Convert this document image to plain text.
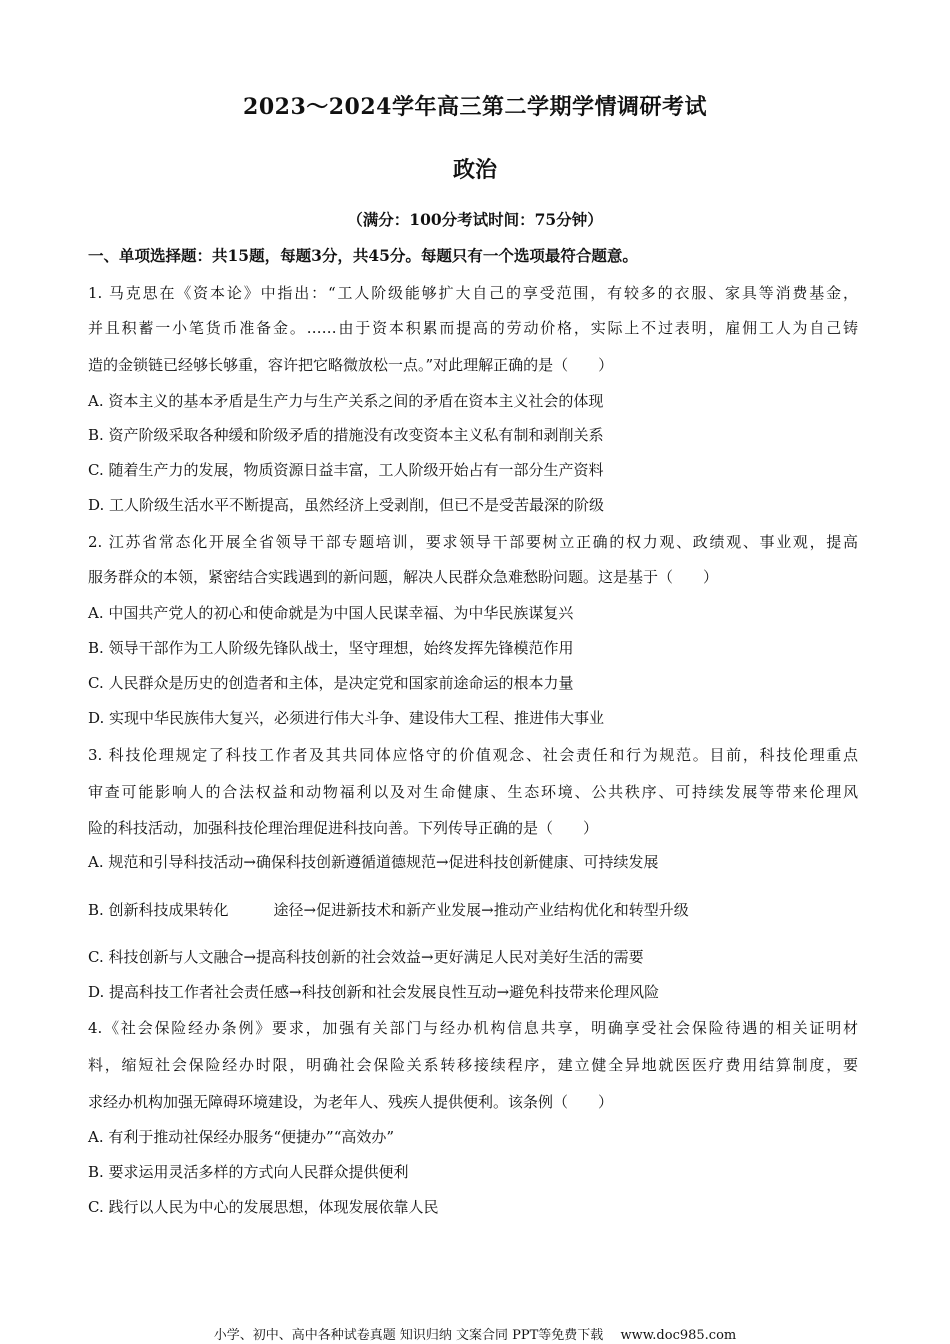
2023～2024学年高三第二学期学情调研考试
政治
（满分：100分考试时间：75分钟）
一、单项选择题：共15题，每题3分，共45分。每题只有一个选项最符合题意。
1. 马克思在《资本论》中指出：“工人阶级能够扩大自己的享受范围，有较多的衣服、家具等消费基金，
并且积蓄一小笔货币准备金。……由于资本积累而提高的劳动价格，实际上不过表明，雇佣工人为自己铸
造的金锁链已经够长够重，容许把它略微放松一点。”对此理解正确的是（　　）
A. 资本主义的基本矛盾是生产力与生产关系之间的矛盾在资本主义社会的体现
B. 资产阶级采取各种缓和阶级矛盾的措施没有改变资本主义私有制和剥削关系
C. 随着生产力的发展，物质资源日益丰富，工人阶级开始占有一部分生产资料
D. 工人阶级生活水平不断提高，虽然经济上受剥削，但已不是受苦最深的阶级
2. 江苏省常态化开展全省领导干部专题培训，要求领导干部要树立正确的权力观、政绩观、事业观，提高
服务群众的本领，紧密结合实践遇到的新问题，解决人民群众急难愁盼问题。这是基于（　　）
A. 中国共产党人的初心和使命就是为中国人民谋幸福、为中华民族谋复兴
B. 领导干部作为工人阶级先锋队战士，坚守理想，始终发挥先锋模范作用
C. 人民群众是历史的创造者和主体，是决定党和国家前途命运的根本力量
D. 实现中华民族伟大复兴，必须进行伟大斗争、建设伟大工程、推进伟大事业
3. 科技伦理规定了科技工作者及其共同体应恪守的价值观念、社会责任和行为规范。目前，科技伦理重点
审查可能影响人的合法权益和动物福利以及对生命健康、生态环境、公共秩序、可持续发展等带来伦理风
险的科技活动，加强科技伦理治理促进科技向善。下列传导正确的是（　　）
A. 规范和引导科技活动→确保科技创新遵循道德规范→促进科技创新健康、可持续发展
B. 创新科技成果转化　　　途径→促进新技术和新产业发展→推动产业结构优化和转型升级
C. 科技创新与人文融合→提高科技创新的社会效益→更好满足人民对美好生活的需要
D. 提高科技工作者社会责任感→科技创新和社会发展良性互动→避免科技带来伦理风险
4.《社会保险经办条例》要求，加强有关部门与经办机构信息共享，明确享受社会保险待遇的相关证明材
料，缩短社会保险经办时限，明确社会保险关系转移接续程序，建立健全异地就医医疗费用结算制度，要
求经办机构加强无障碍环境建设，为老年人、残疾人提供便利。该条例（　　）
A. 有利于推动社保经办服务“便捷办”“高效办”
B. 要求运用灵活多样的方式向人民群众提供便利
C. 践行以人民为中心的发展思想，体现发展依靠人民
小学、初中、高中各种试卷真题 知识归纳 文案合同 PPT等免费下载　 www.doc985.com
